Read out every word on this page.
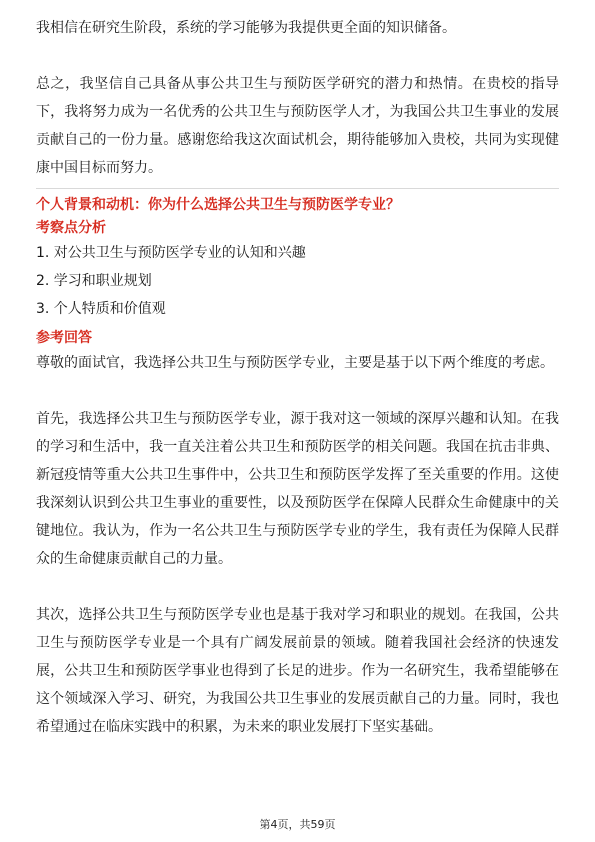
我相信在研究生阶段，系统的学习能够为我提供更全面的知识储备。

总之，我坚信自己具备从事公共卫生与预防医学研究的潜力和热情。在贵校的指导下，我将努力成为一名优秀的公共卫生与预防医学人才，为我国公共卫生事业的发展贡献自己的一份力量。感谢您给我这次面试机会，期待能够加入贵校，共同为实现健康中国目标而努力。

个人背景和动机：你为什么选择公共卫生与预防医学专业？

考察点分析

1. 对公共卫生与预防医学专业的认知和兴趣

2. 学习和职业规划

3. 个人特质和价值观

参考回答

尊敬的面试官，我选择公共卫生与预防医学专业，主要是基于以下两个维度的考虑。

首先，我选择公共卫生与预防医学专业，源于我对这一领域的深厚兴趣和认知。在我的学习和生活中，我一直关注着公共卫生和预防医学的相关问题。我国在抗击非典、新冠疫情等重大公共卫生事件中，公共卫生和预防医学发挥了至关重要的作用。这使我深刻认识到公共卫生事业的重要性，以及预防医学在保障人民群众生命健康中的关键地位。我认为，作为一名公共卫生与预防医学专业的学生，我有责任为保障人民群众的生命健康贡献自己的力量。

其次，选择公共卫生与预防医学专业也是基于我对学习和职业的规划。在我国，公共卫生与预防医学专业是一个具有广阔发展前景的领域。随着我国社会经济的快速发展，公共卫生和预防医学事业也得到了长足的进步。作为一名研究生，我希望能够在这个领域深入学习、研究，为我国公共卫生事业的发展贡献自己的力量。同时，我也希望通过在临床实践中的积累，为未来的职业发展打下坚实基础。

第4页，共59页
